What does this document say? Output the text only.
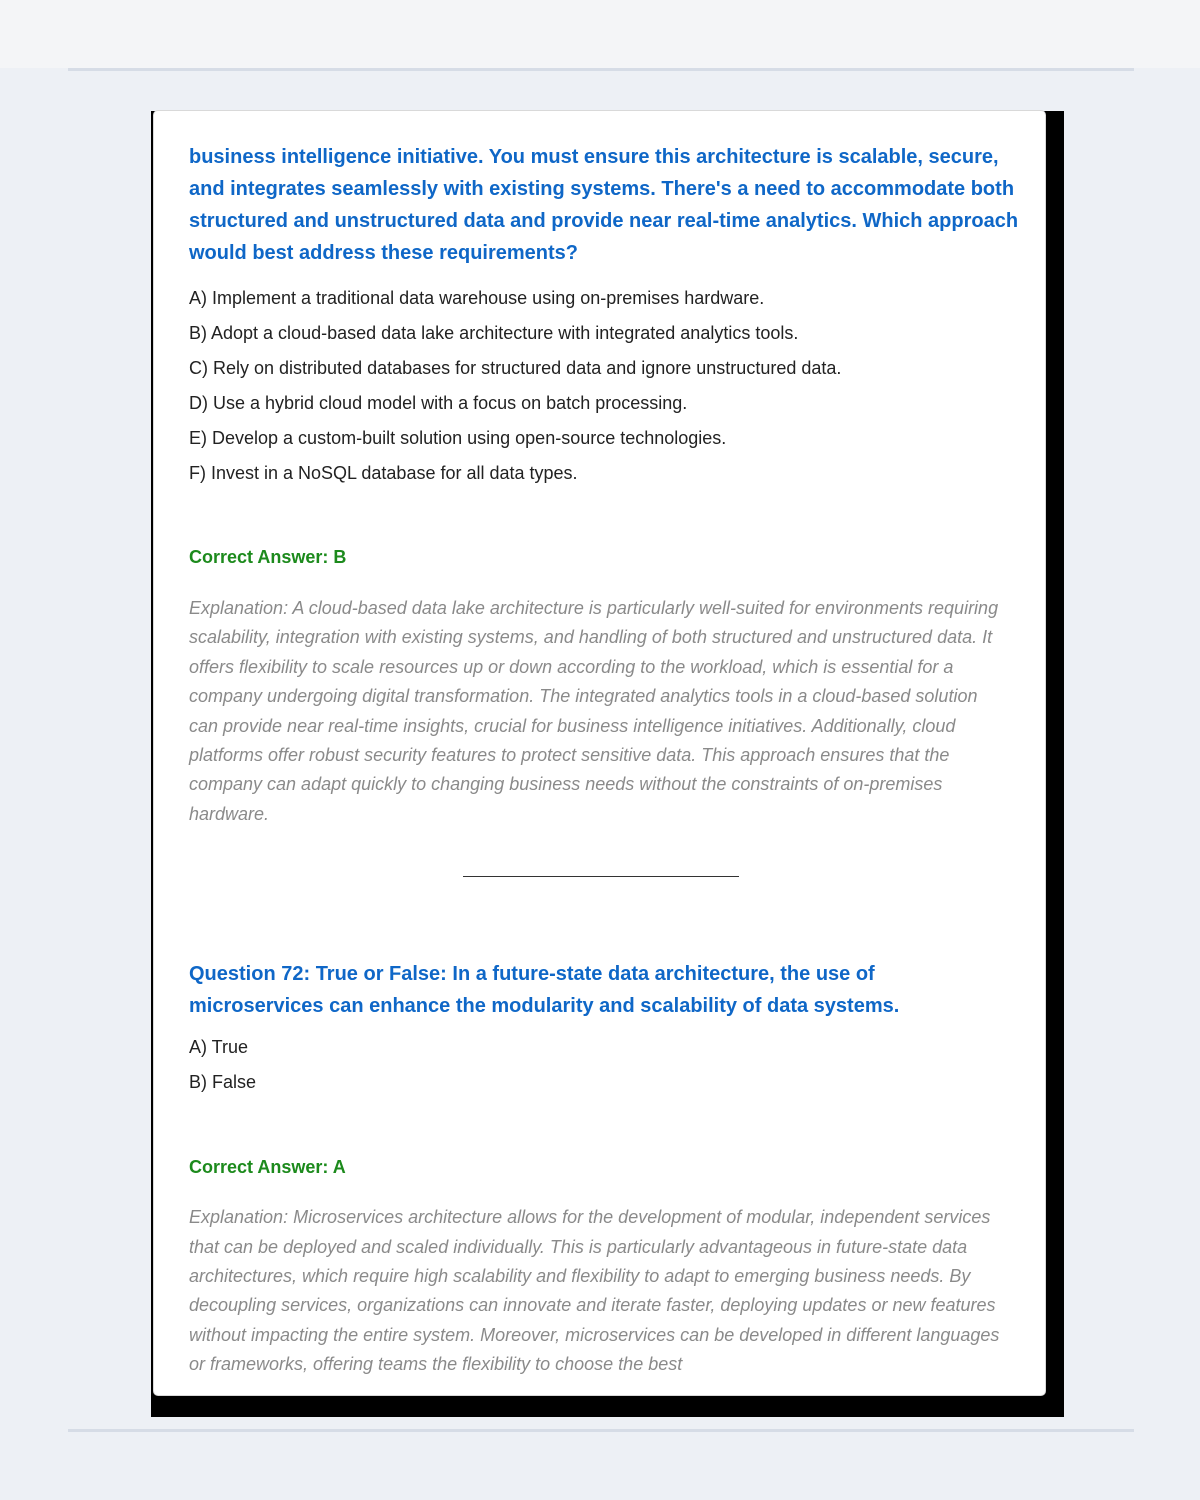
business intelligence initiative. You must ensure this architecture is scalable, secure, and integrates seamlessly with existing systems. There's a need to accommodate both structured and unstructured data and provide near real-time analytics. Which approach would best address these requirements?

A) Implement a traditional data warehouse using on-premises hardware.
B) Adopt a cloud-based data lake architecture with integrated analytics tools.
C) Rely on distributed databases for structured data and ignore unstructured data.
D) Use a hybrid cloud model with a focus on batch processing.
E) Develop a custom-built solution using open-source technologies.
F) Invest in a NoSQL database for all data types.

Correct Answer: B

Explanation: A cloud-based data lake architecture is particularly well-suited for environments requiring scalability, integration with existing systems, and handling of both structured and unstructured data. It offers flexibility to scale resources up or down according to the workload, which is essential for a company undergoing digital transformation. The integrated analytics tools in a cloud-based solution can provide near real-time insights, crucial for business intelligence initiatives. Additionally, cloud platforms offer robust security features to protect sensitive data. This approach ensures that the company can adapt quickly to changing business needs without the constraints of on-premises hardware.

Question 72: True or False: In a future-state data architecture, the use of microservices can enhance the modularity and scalability of data systems.

A) True
B) False

Correct Answer: A

Explanation: Microservices architecture allows for the development of modular, independent services that can be deployed and scaled individually. This is particularly advantageous in future-state data architectures, which require high scalability and flexibility to adapt to emerging business needs. By decoupling services, organizations can innovate and iterate faster, deploying updates or new features without impacting the entire system. Moreover, microservices can be developed in different languages or frameworks, offering teams the flexibility to choose the best
